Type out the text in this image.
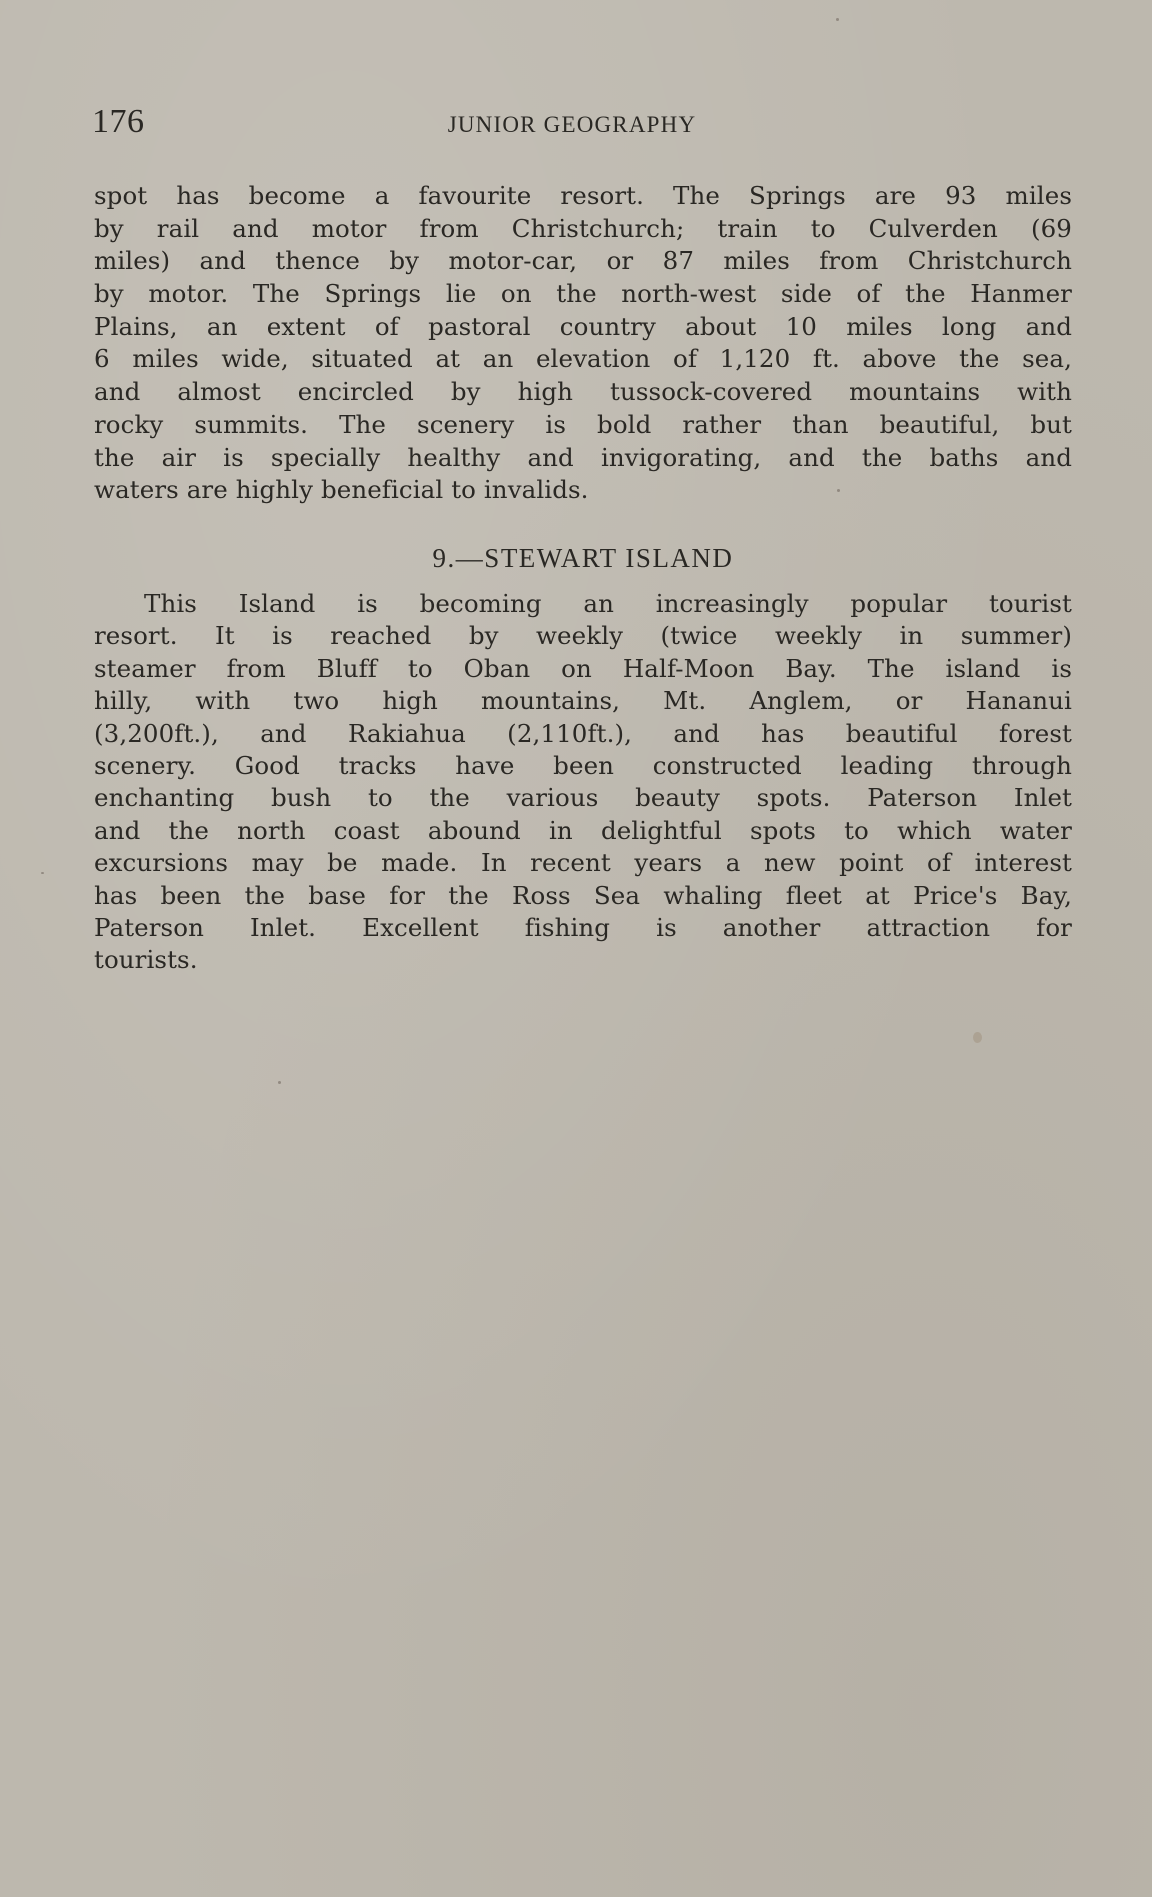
176	JUNIOR GEOGRAPHY
spot has become a favourite resort. The Springs are 93 miles
by rail and motor from Christchurch; train to Culverden (69
miles) and thence by motor-car, or 87 miles from Christchurch
by motor. The Springs lie on the north-west side of the Hanmer
Plains, an extent of pastoral country about 10 miles long and
6 miles wide, situated at an elevation of 1,120 ft. above the sea,
and almost encircled by high tussock-covered mountains with
rocky summits. The scenery is bold rather than beautiful, but
the air is specially healthy and invigorating, and the baths and
waters are highly beneficial to invalids.
9.—STEWART ISLAND
This Island is becoming an increasingly popular tourist
resort. It is reached by weekly (twice weekly in summer)
steamer from Bluff to Oban on Half-Moon Bay. The island is
hilly, with two high mountains, Mt. Anglem, or Hananui
(3,200ft.), and Rakiahua (2,110ft.), and has beautiful forest
scenery. Good tracks have been constructed leading through
enchanting bush to the various beauty spots. Paterson Inlet
and the north coast abound in delightful spots to which water
excursions may be made. In recent years a new point of interest
has been the base for the Ross Sea whaling fleet at Price's Bay,
Paterson Inlet. Excellent fishing is another attraction for
tourists.
